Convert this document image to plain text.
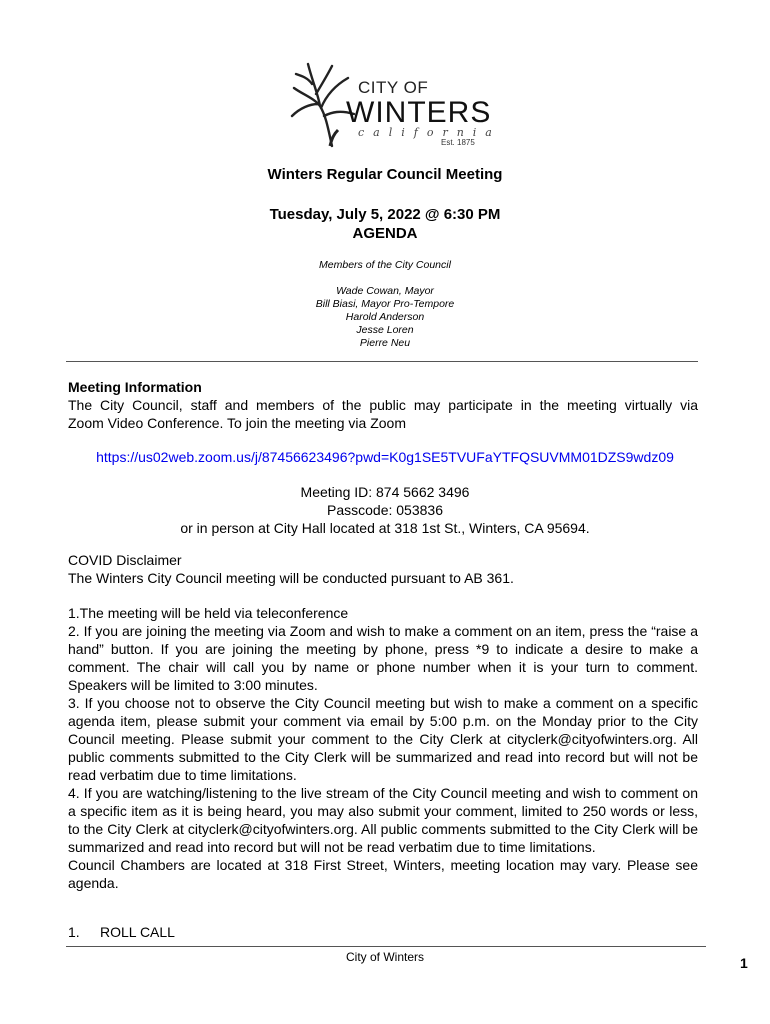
CITY OF
WINTERS
california
Est. 1875
Winters Regular Council Meeting
Tuesday, July 5, 2022 @ 6:30 PM
AGENDA
Members of the City Council
Wade Cowan, Mayor
Bill Biasi, Mayor Pro-Tempore
Harold Anderson
Jesse Loren
Pierre Neu
Meeting Information
The City Council, staff and members of the public may participate in the meeting virtually via
Zoom Video Conference. To join the meeting via Zoom
https://us02web.zoom.us/j/87456623496?pwd=K0g1SE5TVUFaYTFQSUVMM01DZS9wdz09
Meeting ID: 874 5662 3496
Passcode: 053836
or in person at City Hall located at 318 1st St., Winters, CA 95694.
COVID Disclaimer
The Winters City Council meeting will be conducted pursuant to AB 361.
1.The meeting will be held via teleconference
2. If you are joining the meeting via Zoom and wish to make a comment on an item, press the “raise a hand” button. If you are joining the meeting by phone, press *9 to indicate a desire to make a comment. The chair will call you by name or phone number when it is your turn to comment. Speakers will be limited to 3:00 minutes.
3. If you choose not to observe the City Council meeting but wish to make a comment on a specific agenda item, please submit your comment via email by 5:00 p.m. on the Monday prior to the City Council meeting. Please submit your comment to the City Clerk at cityclerk@cityofwinters.org. All public comments submitted to the City Clerk will be summarized and read into record but will not be read verbatim due to time limitations.
4. If you are watching/listening to the live stream of the City Council meeting and wish to comment on a specific item as it is being heard, you may also submit your comment, limited to 250 words or less, to the City Clerk at cityclerk@cityofwinters.org. All public comments submitted to the City Clerk will be summarized and read into record but will not be read verbatim due to time limitations.
Council Chambers are located at 318 First Street, Winters, meeting location may vary. Please see agenda.
1. ROLL CALL
City of Winters	1
